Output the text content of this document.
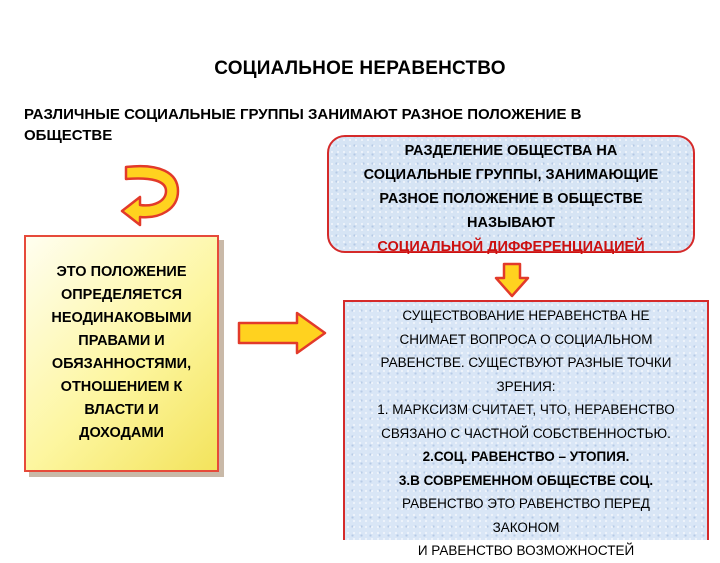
СОЦИАЛЬНОЕ НЕРАВЕНСТВО
РАЗЛИЧНЫЕ СОЦИАЛЬНЫЕ ГРУППЫ ЗАНИМАЮТ РАЗНОЕ ПОЛОЖЕНИЕ В
ОБЩЕСТВЕ
РАЗДЕЛЕНИЕ ОБЩЕСТВА НА
СОЦИАЛЬНЫЕ ГРУППЫ, ЗАНИМАЮЩИЕ
РАЗНОЕ ПОЛОЖЕНИЕ В ОБЩЕСТВЕ
НАЗЫВАЮТ
СОЦИАЛЬНОЙ ДИФФЕРЕНЦИАЦИЕЙ
ЭТО ПОЛОЖЕНИЕ
ОПРЕДЕЛЯЕТСЯ
НЕОДИНАКОВЫМИ
ПРАВАМИ И
ОБЯЗАННОСТЯМИ,
ОТНОШЕНИЕМ К
ВЛАСТИ И
ДОХОДАМИ
СУЩЕСТВОВАНИЕ НЕРАВЕНСТВА НЕ
СНИМАЕТ ВОПРОСА О СОЦИАЛЬНОМ
РАВЕНСТВЕ. СУЩЕСТВУЮТ РАЗНЫЕ ТОЧКИ
ЗРЕНИЯ:
1. МАРКСИЗМ СЧИТАЕТ, ЧТО, НЕРАВЕНСТВО
СВЯЗАНО С ЧАСТНОЙ СОБСТВЕННОСТЬЮ.
2.СОЦ. РАВЕНСТВО – УТОПИЯ.
3.В СОВРЕМЕННОМ ОБЩЕСТВЕ СОЦ.
РАВЕНСТВО ЭТО РАВЕНСТВО ПЕРЕД
ЗАКОНОМ
И РАВЕНСТВО ВОЗМОЖНОСТЕЙ
